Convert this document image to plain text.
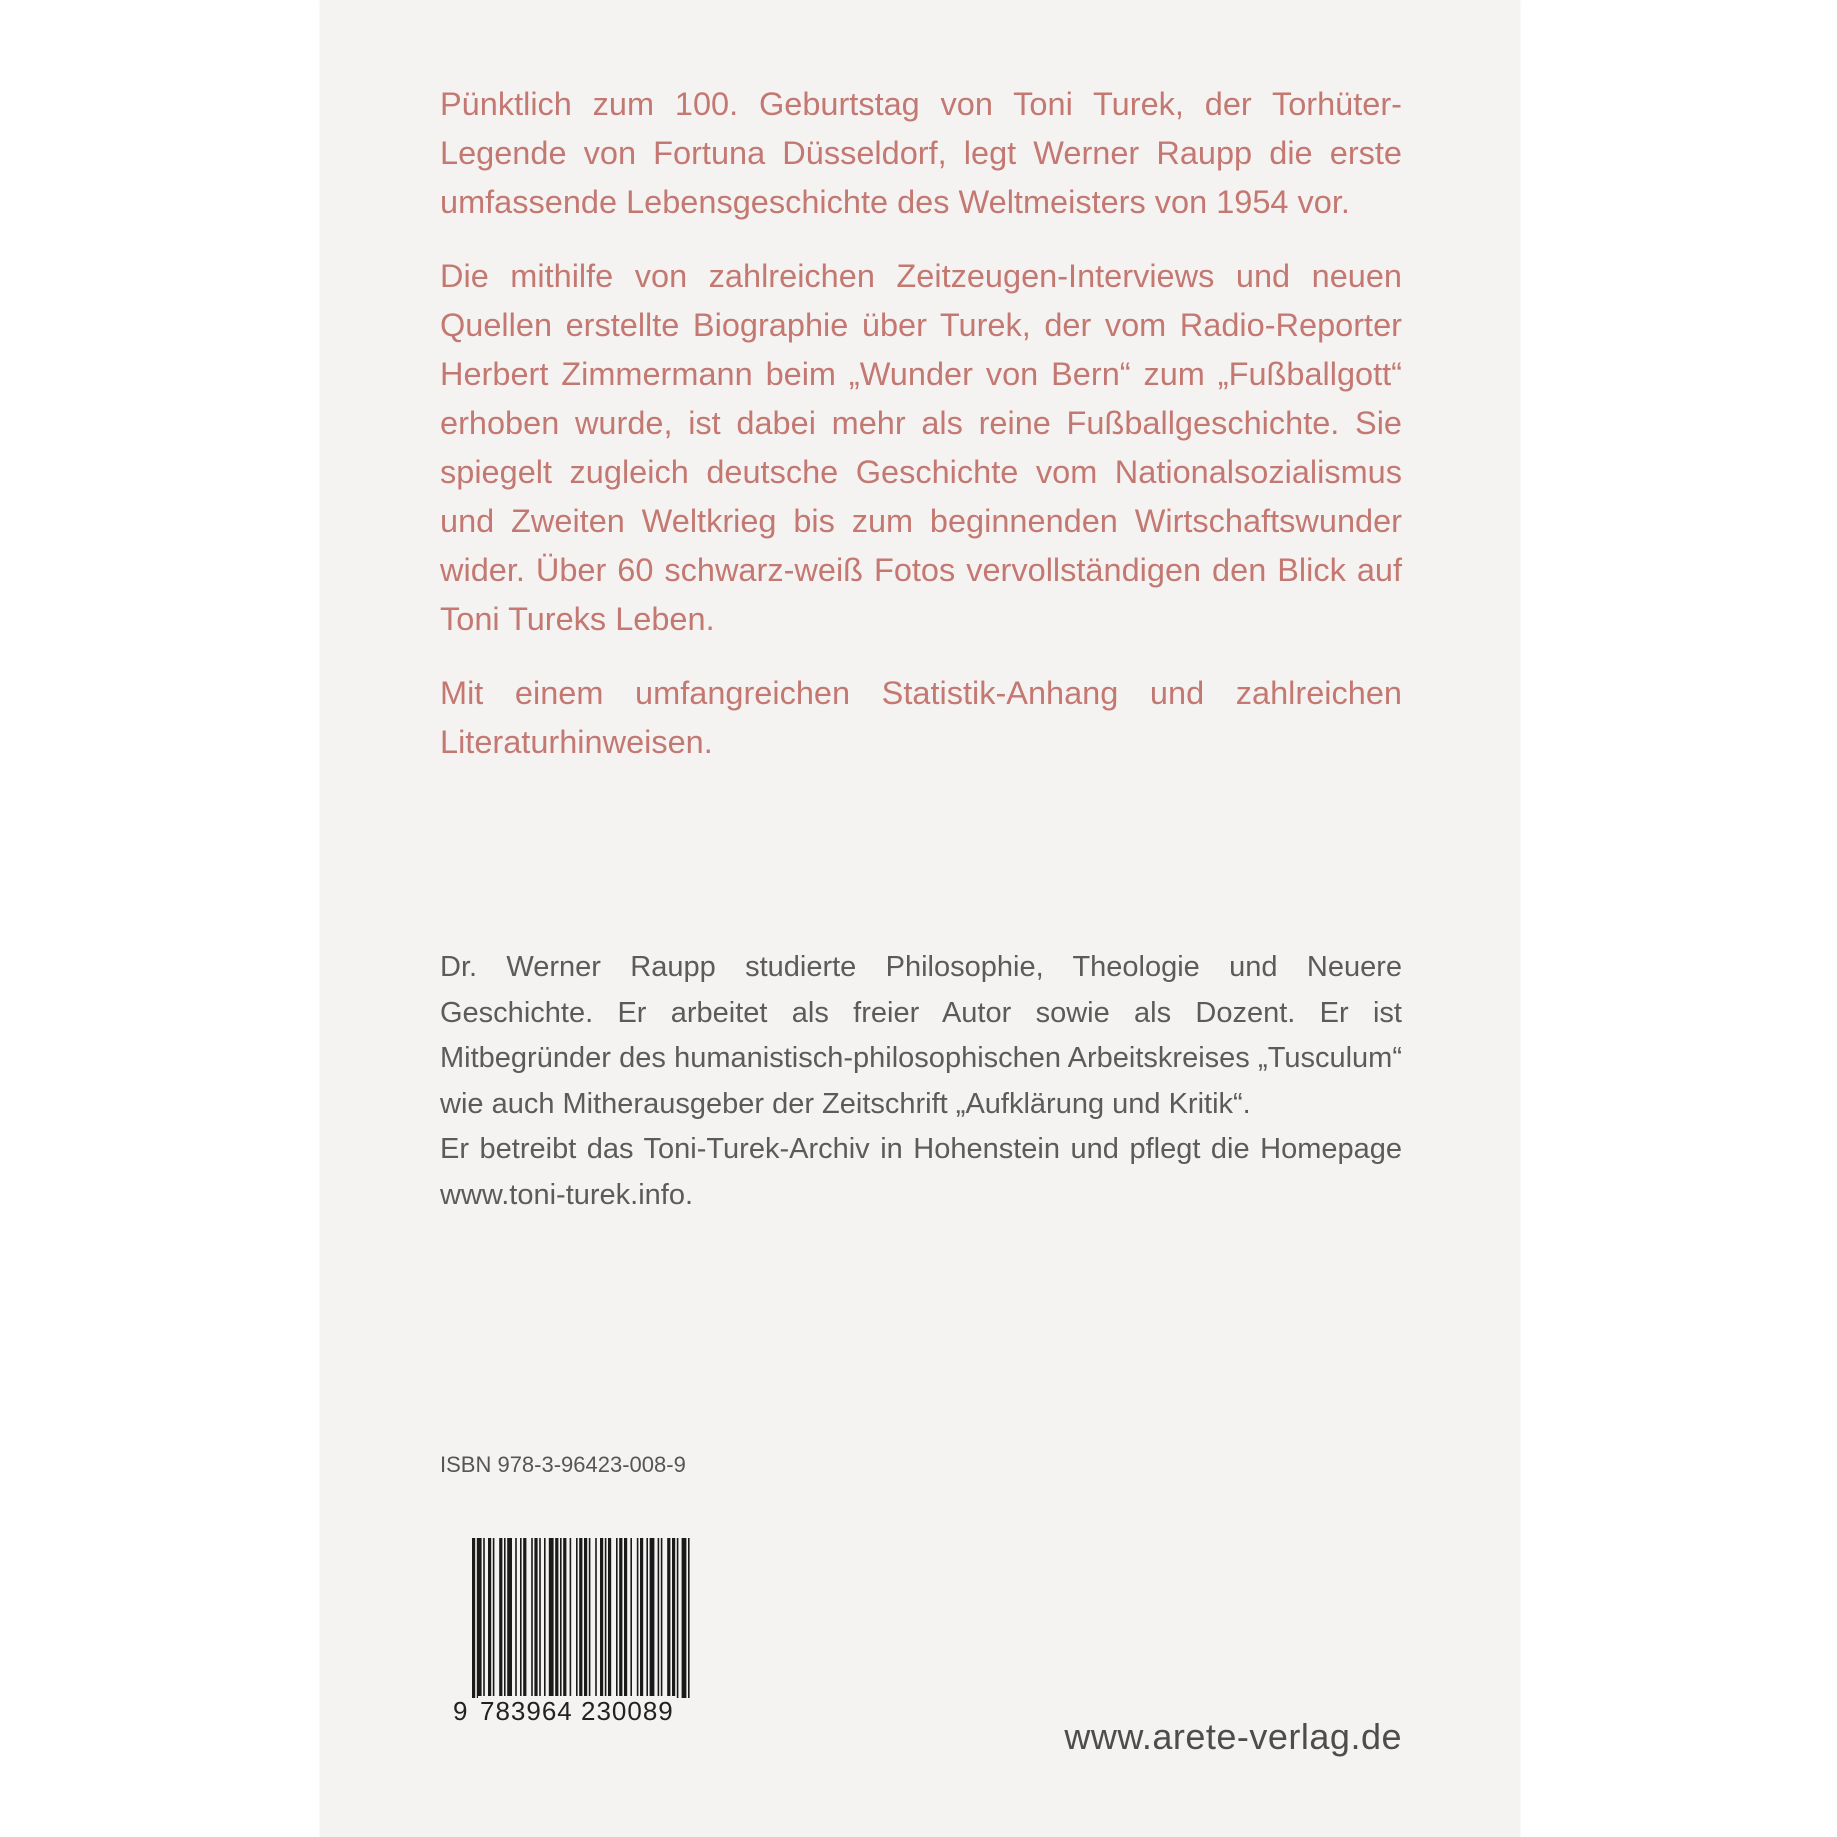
Pünktlich zum 100. Geburtstag von Toni Turek, der Torhüter-Legende von Fortuna Düsseldorf, legt Werner Raupp die erste umfassende Lebensgeschichte des Weltmeisters von 1954 vor.

Die mithilfe von zahlreichen Zeitzeugen-Interviews und neuen Quellen erstellte Biographie über Turek, der vom Radio-Reporter Herbert Zimmermann beim „Wunder von Bern“ zum „Fußballgott“ erhoben wurde, ist dabei mehr als reine Fußballgeschichte. Sie spiegelt zugleich deutsche Geschichte vom Nationalsozialismus und Zweiten Weltkrieg bis zum beginnenden Wirtschaftswunder wider. Über 60 schwarz-weiß Fotos vervollständigen den Blick auf Toni Tureks Leben.

Mit einem umfangreichen Statistik-Anhang und zahlreichen Literaturhinweisen.

Dr. Werner Raupp studierte Philosophie, Theologie und Neuere Geschichte. Er arbeitet als freier Autor sowie als Dozent. Er ist Mitbegründer des humanistisch-philosophischen Arbeitskreises „Tusculum“ wie auch Mitherausgeber der Zeitschrift „Aufklärung und Kritik“.

Er betreibt das Toni-Turek-Archiv in Hohenstein und pflegt die Homepage www.toni-turek.info.

ISBN 978-3-96423-008-9
9 783964 230089
www.arete-verlag.de
